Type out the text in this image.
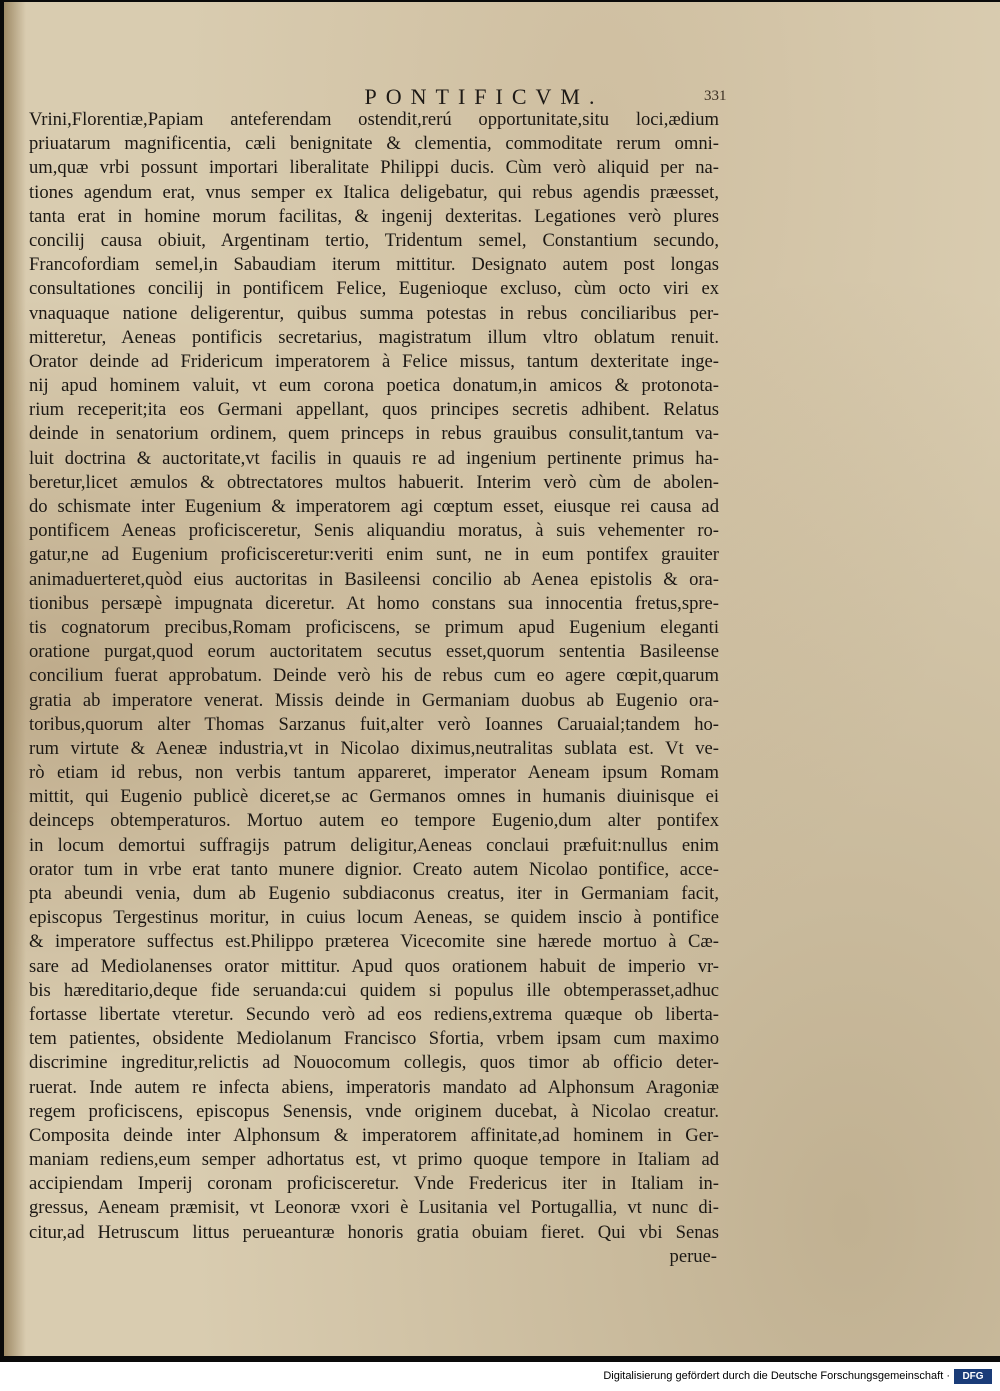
PONTIFICVM.	331
Vrini,Florentiæ,Papiam anteferendam ostendit,rerú opportunitate,situ loci,ædium
priuatarum magnificentia, cæli benignitate & clementia, commoditate rerum omni-
um,quæ vrbi possunt importari liberalitate Philippi ducis. Cùm verò aliquid per na-
tiones agendum erat, vnus semper ex Italica deligebatur, qui rebus agendis præesset,
tanta erat in homine morum facilitas, & ingenij dexteritas. Legationes verò plures
concilij causa obiuit, Argentinam tertio, Tridentum semel, Constantium secundo,
Francofordiam semel,in Sabaudiam iterum mittitur. Designato autem post longas
consultationes concilij in pontificem Felice, Eugenioque excluso, cùm octo viri ex
vnaquaque natione deligerentur, quibus summa potestas in rebus conciliaribus per-
mitteretur, Aeneas pontificis secretarius, magistratum illum vltro oblatum renuit.
Orator deinde ad Fridericum imperatorem à Felice missus, tantum dexteritate inge-
nij apud hominem valuit, vt eum corona poetica donatum,in amicos & protonota-
rium receperit;ita eos Germani appellant, quos principes secretis adhibent. Relatus
deinde in senatorium ordinem, quem princeps in rebus grauibus consulit,tantum va-
luit doctrina & auctoritate,vt facilis in quauis re ad ingenium pertinente primus ha-
beretur,licet æmulos & obtrectatores multos habuerit. Interim verò cùm de abolen-
do schismate inter Eugenium & imperatorem agi cœptum esset, eiusque rei causa ad
pontificem Aeneas proficisceretur, Senis aliquandiu moratus, à suis vehementer ro-
gatur,ne ad Eugenium proficisceretur:veriti enim sunt, ne in eum pontifex grauiter
animaduerteret,quòd eius auctoritas in Basileensi concilio ab Aenea epistolis & ora-
tionibus persæpè impugnata diceretur. At homo constans sua innocentia fretus,spre-
tis cognatorum precibus,Romam proficiscens, se primum apud Eugenium eleganti
oratione purgat,quod eorum auctoritatem secutus esset,quorum sententia Basileense
concilium fuerat approbatum. Deinde verò his de rebus cum eo agere cœpit,quarum
gratia ab imperatore venerat. Missis deinde in Germaniam duobus ab Eugenio ora-
toribus,quorum alter Thomas Sarzanus fuit,alter verò Ioannes Caruaial;tandem ho-
rum virtute & Aeneæ industria,vt in Nicolao diximus,neutralitas sublata est. Vt ve-
rò etiam id rebus, non verbis tantum appareret, imperator Aeneam ipsum Romam
mittit, qui Eugenio publicè diceret,se ac Germanos omnes in humanis diuinisque ei
deinceps obtemperaturos. Mortuo autem eo tempore Eugenio,dum alter pontifex
in locum demortui suffragijs patrum deligitur,Aeneas conclaui præfuit:nullus enim
orator tum in vrbe erat tanto munere dignior. Creato autem Nicolao pontifice, acce-
pta abeundi venia, dum ab Eugenio subdiaconus creatus, iter in Germaniam facit,
episcopus Tergestinus moritur, in cuius locum Aeneas, se quidem inscio à pontifice
& imperatore suffectus est.Philippo præterea Vicecomite sine hærede mortuo à Cæ-
sare ad Mediolanenses orator mittitur. Apud quos orationem habuit de imperio vr-
bis hæreditario,deque fide seruanda:cui quidem si populus ille obtemperasset,adhuc
fortasse libertate vteretur. Secundo verò ad eos rediens,extrema quæque ob liberta-
tem patientes, obsidente Mediolanum Francisco Sfortia, vrbem ipsam cum maximo
discrimine ingreditur,relictis ad Nouocomum collegis, quos timor ab officio deter-
ruerat. Inde autem re infecta abiens, imperatoris mandato ad Alphonsum Aragoniæ
regem proficiscens, episcopus Senensis, vnde originem ducebat, à Nicolao creatur.
Composita deinde inter Alphonsum & imperatorem affinitate,ad hominem in Ger-
maniam rediens,eum semper adhortatus est, vt primo quoque tempore in Italiam ad
accipiendam Imperij coronam proficisceretur. Vnde Fredericus iter in Italiam in-
gressus, Aeneam præmisit, vt Leonoræ vxori è Lusitania vel Portugallia, vt nunc di-
citur,ad Hetruscum littus perueanturæ honoris gratia obuiam fieret. Qui vbi Senas
perue-
Digitalisierung gefördert durch die Deutsche Forschungsgemeinschaft ·	DFG
